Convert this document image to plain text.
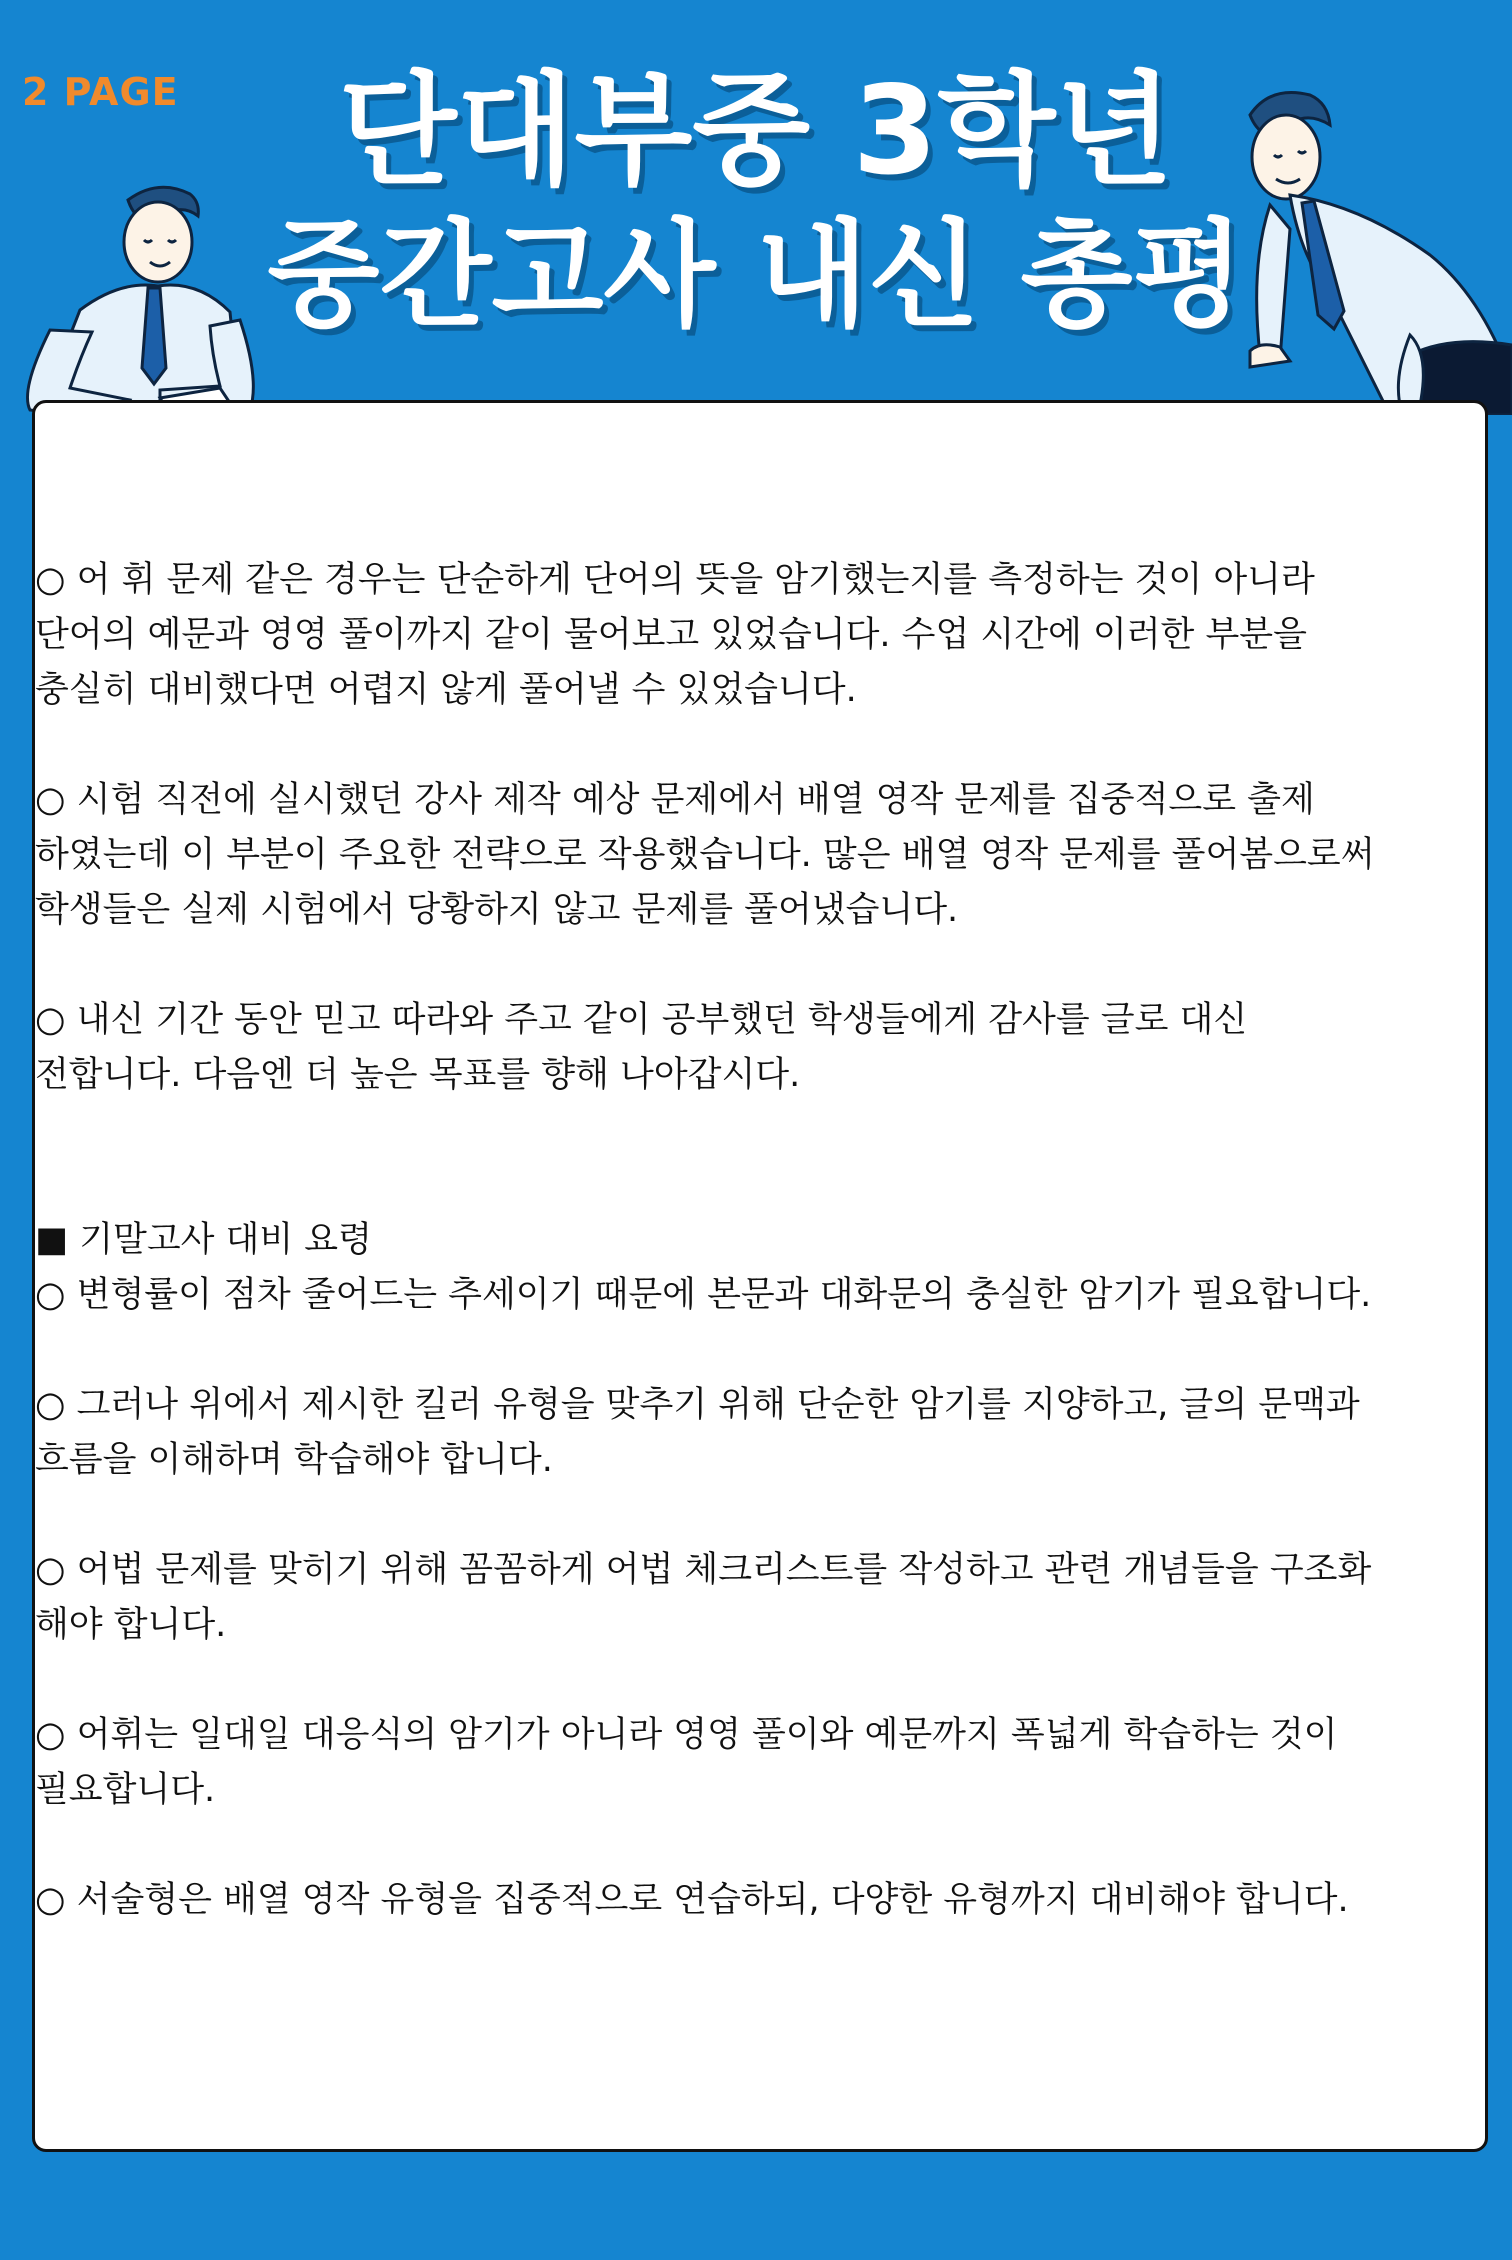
2 PAGE	단대부중 3학년
중간고사 내신 총평

○ 어 휘 문제 같은 경우는 단순하게 단어의 뜻을 암기했는지를 측정하는 것이 아니라
단어의 예문과 영영 풀이까지 같이 물어보고 있었습니다. 수업 시간에 이러한 부분을
충실히 대비했다면 어렵지 않게 풀어낼 수 있었습니다.

○ 시험 직전에 실시했던 강사 제작 예상 문제에서 배열 영작 문제를 집중적으로 출제
하였는데 이 부분이 주요한 전략으로 작용했습니다. 많은 배열 영작 문제를 풀어봄으로써
학생들은 실제 시험에서 당황하지 않고 문제를 풀어냈습니다.

○ 내신 기간 동안 믿고 따라와 주고 같이 공부했던 학생들에게 감사를 글로 대신
전합니다. 다음엔 더 높은 목표를 향해 나아갑시다.

■ 기말고사 대비 요령

○ 변형률이 점차 줄어드는 추세이기 때문에 본문과 대화문의 충실한 암기가 필요합니다.

○ 그러나 위에서 제시한 킬러 유형을 맞추기 위해 단순한 암기를 지양하고, 글의 문맥과
흐름을 이해하며 학습해야 합니다.

○ 어법 문제를 맞히기 위해 꼼꼼하게 어법 체크리스트를 작성하고 관련 개념들을 구조화
해야 합니다.

○ 어휘는 일대일 대응식의 암기가 아니라 영영 풀이와 예문까지 폭넓게 학습하는 것이
필요합니다.

○ 서술형은 배열 영작 유형을 집중적으로 연습하되, 다양한 유형까지 대비해야 합니다.
